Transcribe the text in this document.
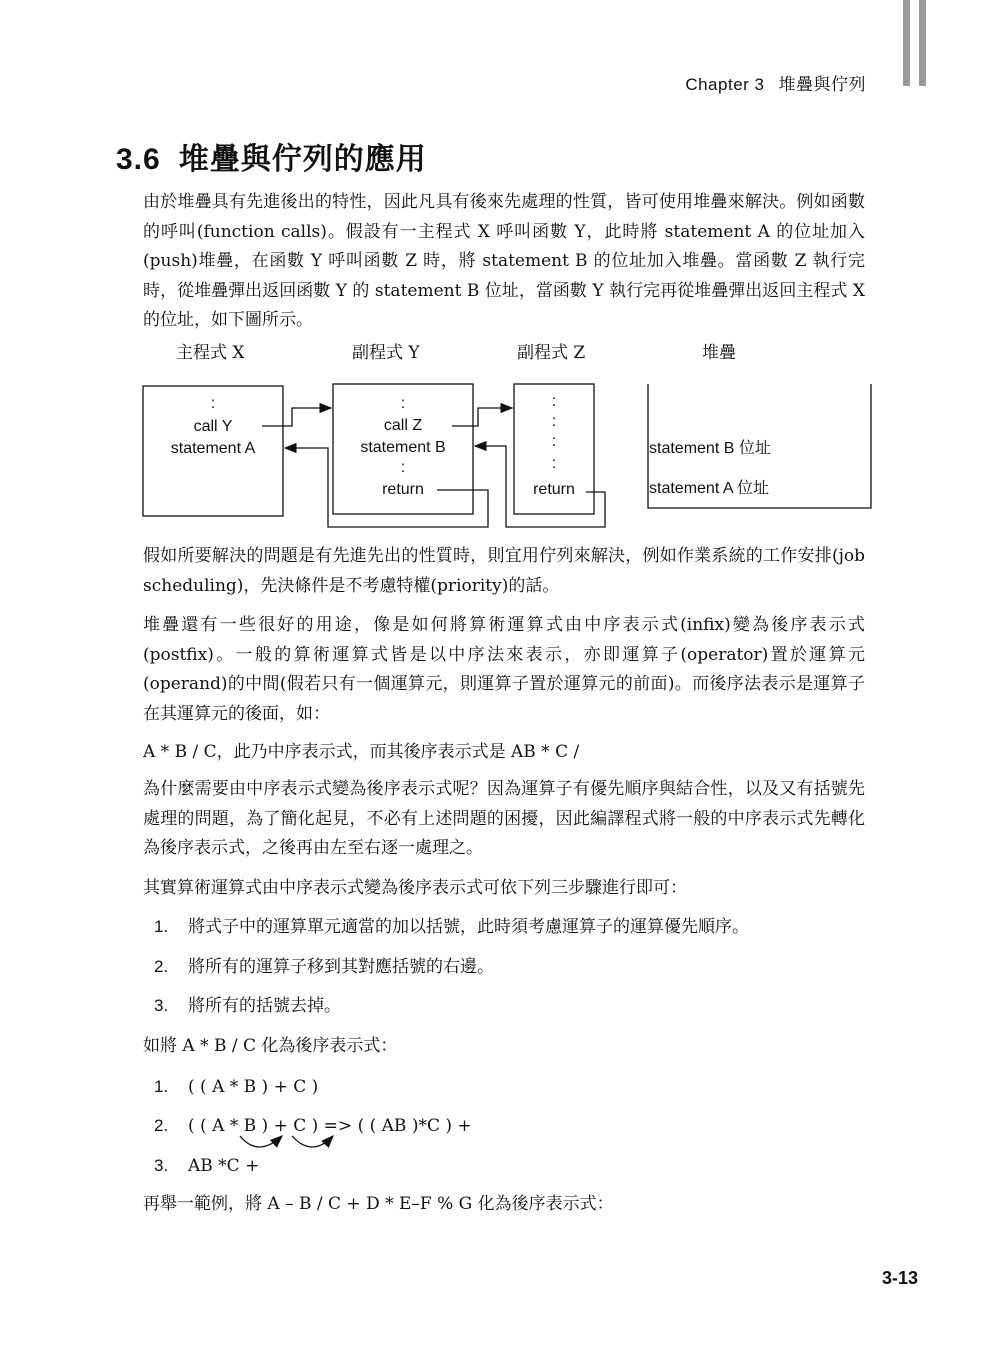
Chapter 3 堆疊與佇列
3.6 堆疊與佇列的應用
由於堆疊具有先進後出的特性，因此凡具有後來先處理的性質，皆可使用堆疊來解決。例如函數的呼叫(function calls)。假設有一主程式 X 呼叫函數 Y，此時將 statement A 的位址加入(push)堆疊，在函數 Y 呼叫函數 Z 時，將 statement B 的位址加入堆疊。當函數 Z 執行完時，從堆疊彈出返回函數 Y 的 statement B 位址，當函數 Y 執行完再從堆疊彈出返回主程式 X 的位址，如下圖所示。
主程式 X	副程式 Y	副程式 Z	堆疊
:
call Y
statement A
:
call Z
statement B
:
return
:
:
:
:
return
statement B 位址
statement A 位址
假如所要解決的問題是有先進先出的性質時，則宜用佇列來解決，例如作業系統的工作安排(job scheduling)，先決條件是不考慮特權(priority)的話。
堆疊還有一些很好的用途，像是如何將算術運算式由中序表示式(infix)變為後序表示式(postfix)。一般的算術運算式皆是以中序法來表示，亦即運算子(operator)置於運算元(operand)的中間(假若只有一個運算元，則運算子置於運算元的前面)。而後序法表示是運算子在其運算元的後面，如：
A * B / C，此乃中序表示式，而其後序表示式是 AB * C /
為什麼需要由中序表示式變為後序表示式呢？因為運算子有優先順序與結合性，以及又有括號先處理的問題，為了簡化起見，不必有上述問題的困擾，因此編譯程式將一般的中序表示式先轉化為後序表示式，之後再由左至右逐一處理之。
其實算術運算式由中序表示式變為後序表示式可依下列三步驟進行即可：
1. 將式子中的運算單元適當的加以括號，此時須考慮運算子的運算優先順序。
2. 將所有的運算子移到其對應括號的右邊。
3. 將所有的括號去掉。
如將 A * B / C 化為後序表示式：
1. ( ( A * B ) + C )
2. ( ( A * B ) + C ) => ( ( AB )*C ) +
3. AB *C +
再舉一範例，將 A – B / C + D * E–F % G 化為後序表示式：
3-13
